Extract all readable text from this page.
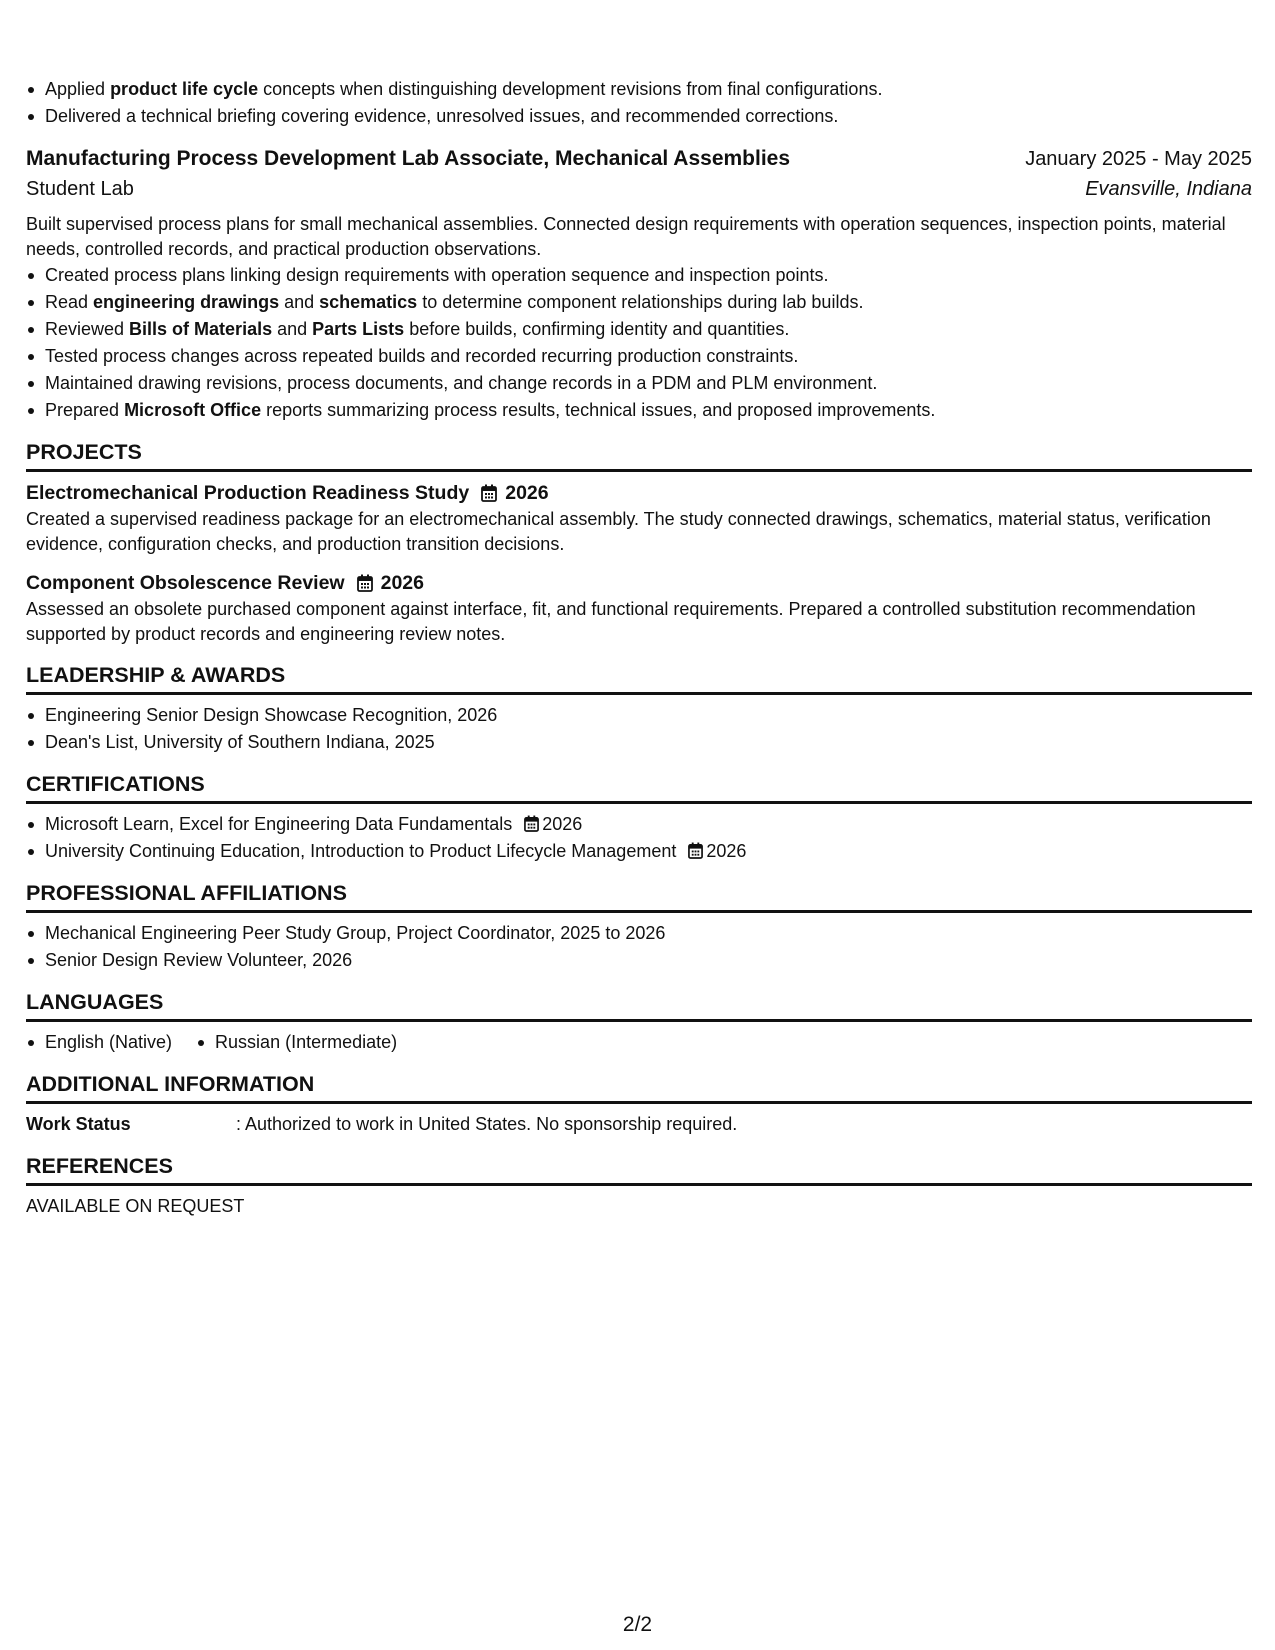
Applied product life cycle concepts when distinguishing development revisions from final configurations.
Delivered a technical briefing covering evidence, unresolved issues, and recommended corrections.
Manufacturing Process Development Lab Associate, Mechanical Assemblies	January 2025 - May 2025
Student Lab	Evansville, Indiana
Built supervised process plans for small mechanical assemblies. Connected design requirements with operation sequences, inspection points, material needs, controlled records, and practical production observations.
Created process plans linking design requirements with operation sequence and inspection points.
Read engineering drawings and schematics to determine component relationships during lab builds.
Reviewed Bills of Materials and Parts Lists before builds, confirming identity and quantities.
Tested process changes across repeated builds and recorded recurring production constraints.
Maintained drawing revisions, process documents, and change records in a PDM and PLM environment.
Prepared Microsoft Office reports summarizing process results, technical issues, and proposed improvements.
PROJECTS
Electromechanical Production Readiness Study 2026
Created a supervised readiness package for an electromechanical assembly. The study connected drawings, schematics, material status, verification evidence, configuration checks, and production transition decisions.
Component Obsolescence Review 2026
Assessed an obsolete purchased component against interface, fit, and functional requirements. Prepared a controlled substitution recommendation supported by product records and engineering review notes.
LEADERSHIP & AWARDS
Engineering Senior Design Showcase Recognition, 2026
Dean's List, University of Southern Indiana, 2025
CERTIFICATIONS
Microsoft Learn, Excel for Engineering Data Fundamentals 2026
University Continuing Education, Introduction to Product Lifecycle Management 2026
PROFESSIONAL AFFILIATIONS
Mechanical Engineering Peer Study Group, Project Coordinator, 2025 to 2026
Senior Design Review Volunteer, 2026
LANGUAGES
English (Native) Russian (Intermediate)
ADDITIONAL INFORMATION
Work Status	: Authorized to work in United States. No sponsorship required.
REFERENCES
AVAILABLE ON REQUEST
2/2
